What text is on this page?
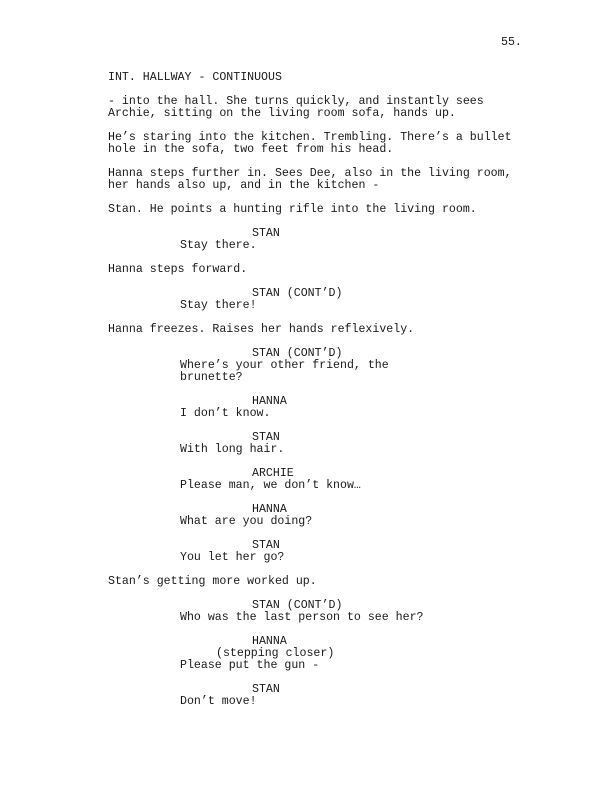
55.
INT. HALLWAY - CONTINUOUS
- into the hall. She turns quickly, and instantly sees
Archie, sitting on the living room sofa, hands up.
He’s staring into the kitchen. Trembling. There’s a bullet
hole in the sofa, two feet from his head.
Hanna steps further in. Sees Dee, also in the living room,
her hands also up, and in the kitchen -
Stan. He points a hunting rifle into the living room.
STAN
Stay there.
Hanna steps forward.
STAN (CONT’D)
Stay there!
Hanna freezes. Raises her hands reflexively.
STAN (CONT’D)
Where’s your other friend, the
brunette?
HANNA
I don’t know.
STAN
With long hair.
ARCHIE
Please man, we don’t know…
HANNA
What are you doing?
STAN
You let her go?
Stan’s getting more worked up.
STAN (CONT’D)
Who was the last person to see her?
HANNA
(stepping closer)
Please put the gun -
STAN
Don’t move!
